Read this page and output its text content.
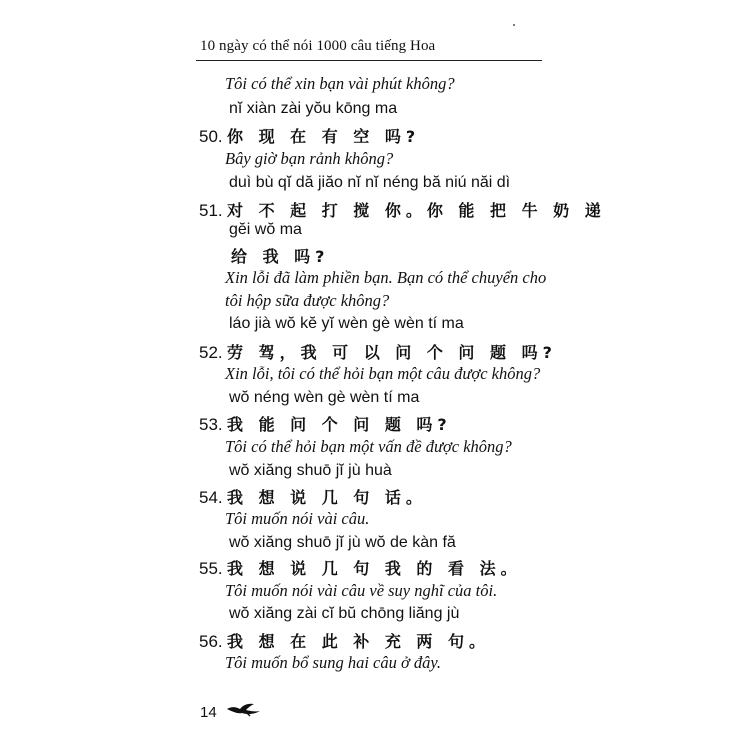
10 ngày có thể nói 1000 câu tiếng Hoa
Tôi có thể xin bạn vài phút không?
nĭ xiàn zài yŏu kōng ma
50. 你 现 在 有 空 吗?
Bây giờ bạn rảnh không?
duì bù qĭ dă jiăo nĭ nĭ néng bă niú năi dì
51. 对 不 起 打 搅 你。你 能 把 牛 奶 递
gĕi wŏ ma
给 我 吗?
Xin lỗi đã làm phiền bạn. Bạn có thể chuyển cho
tôi hộp sữa được không?
láo jià wŏ kĕ yĭ wèn gè wèn tí ma
52. 劳 驾，我 可 以 问 个 问 题 吗?
Xin lỗi, tôi có thể hỏi bạn một câu được không?
wŏ néng wèn gè wèn tí ma
53. 我 能 问 个 问 题 吗?
Tôi có thể hỏi bạn một vấn đề được không?
wŏ xiăng shuō jĭ jù huà
54. 我 想 说 几 句 话。
Tôi muốn nói vài câu.
wŏ xiăng shuō jĭ jù wŏ de kàn fă
55. 我 想 说 几 句 我 的 看 法。
Tôi muốn nói vài câu về suy nghĩ của tôi.
wŏ xiăng zài cĭ bŭ chōng liăng jù
56. 我 想 在 此 补 充 两 句。
Tôi muốn bổ sung hai câu ở đây.
14
